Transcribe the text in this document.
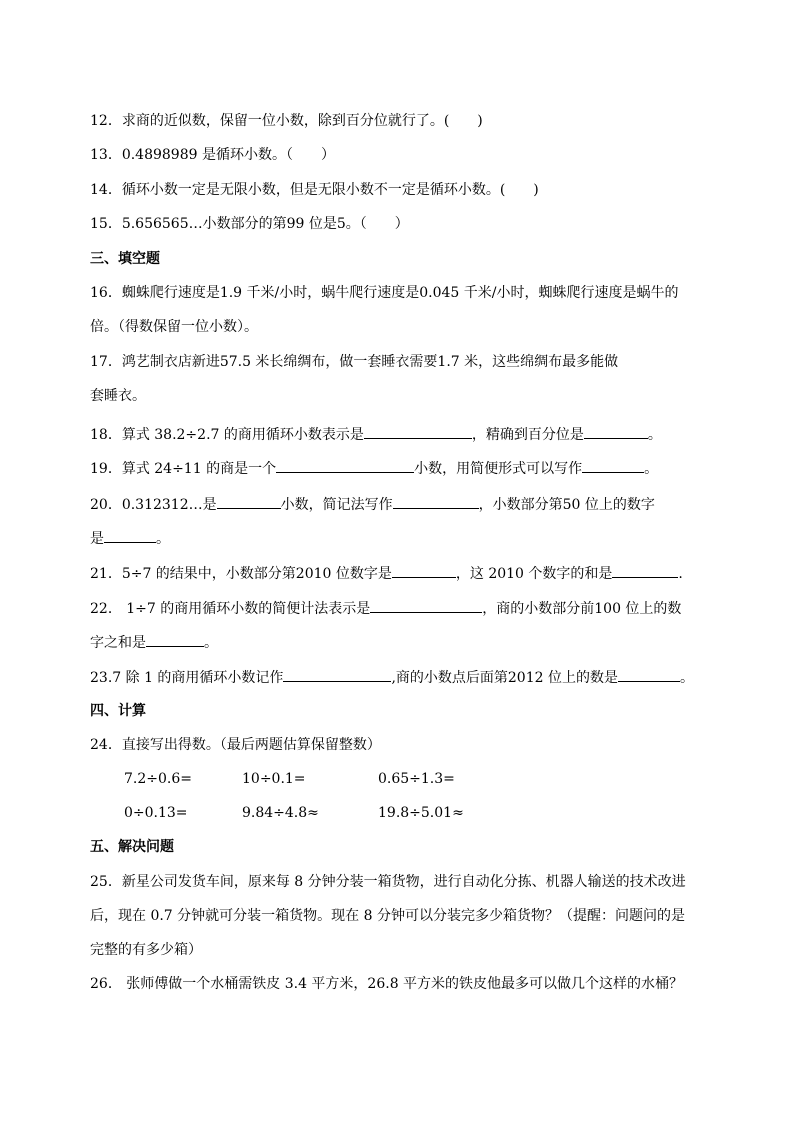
12．求商的近似数，保留一位小数，除到百分位就行了。(　　)
13．0.4898989 是循环小数。（　　）
14．循环小数一定是无限小数，但是无限小数不一定是循环小数。(　　)
15．5.656565…小数部分的第99 位是5。（　　）
三、填空题
16．蜘蛛爬行速度是1.9 千米/小时，蜗牛爬行速度是0.045 千米/小时，蜘蛛爬行速度是蜗牛的
倍。（得数保留一位小数）。
17．鸿艺制衣店新进57.5 米长绵绸布，做一套睡衣需要1.7 米，这些绵绸布最多能做
套睡衣。
18．算式 38.2÷2.7 的商用循环小数表示是	，精确到百分位是	。
19．算式 24÷11 的商是一个	小数，用简便形式可以写作	。
20．0.312312…是	小数，简记法写作	，小数部分第50 位上的数字
是	。
21．5÷7 的结果中，小数部分第2010 位数字是	，这 2010 个数字的和是	.
22． 1÷7 的商用循环小数的简便计法表示是	，商的小数部分前100 位上的数
字之和是	。
23.7 除 1 的商用循环小数记作	,商的小数点后面第2012 位上的数是	。
四、计算
24．直接写出得数。（最后两题估算保留整数）
7.2÷0.6=	10÷0.1=	0.65÷1.3=
0÷0.13=	9.84÷4.8≈	19.8÷5.01≈
五、解决问题
25．新星公司发货车间，原来每 8 分钟分装一箱货物，进行自动化分拣、机器人输送的技术改进
后，现在 0.7 分钟就可分装一箱货物。现在 8 分钟可以分装完多少箱货物？（提醒：问题问的是
完整的有多少箱）
26． 张师傅做一个水桶需铁皮 3.4 平方米，26.8 平方米的铁皮他最多可以做几个这样的水桶？
